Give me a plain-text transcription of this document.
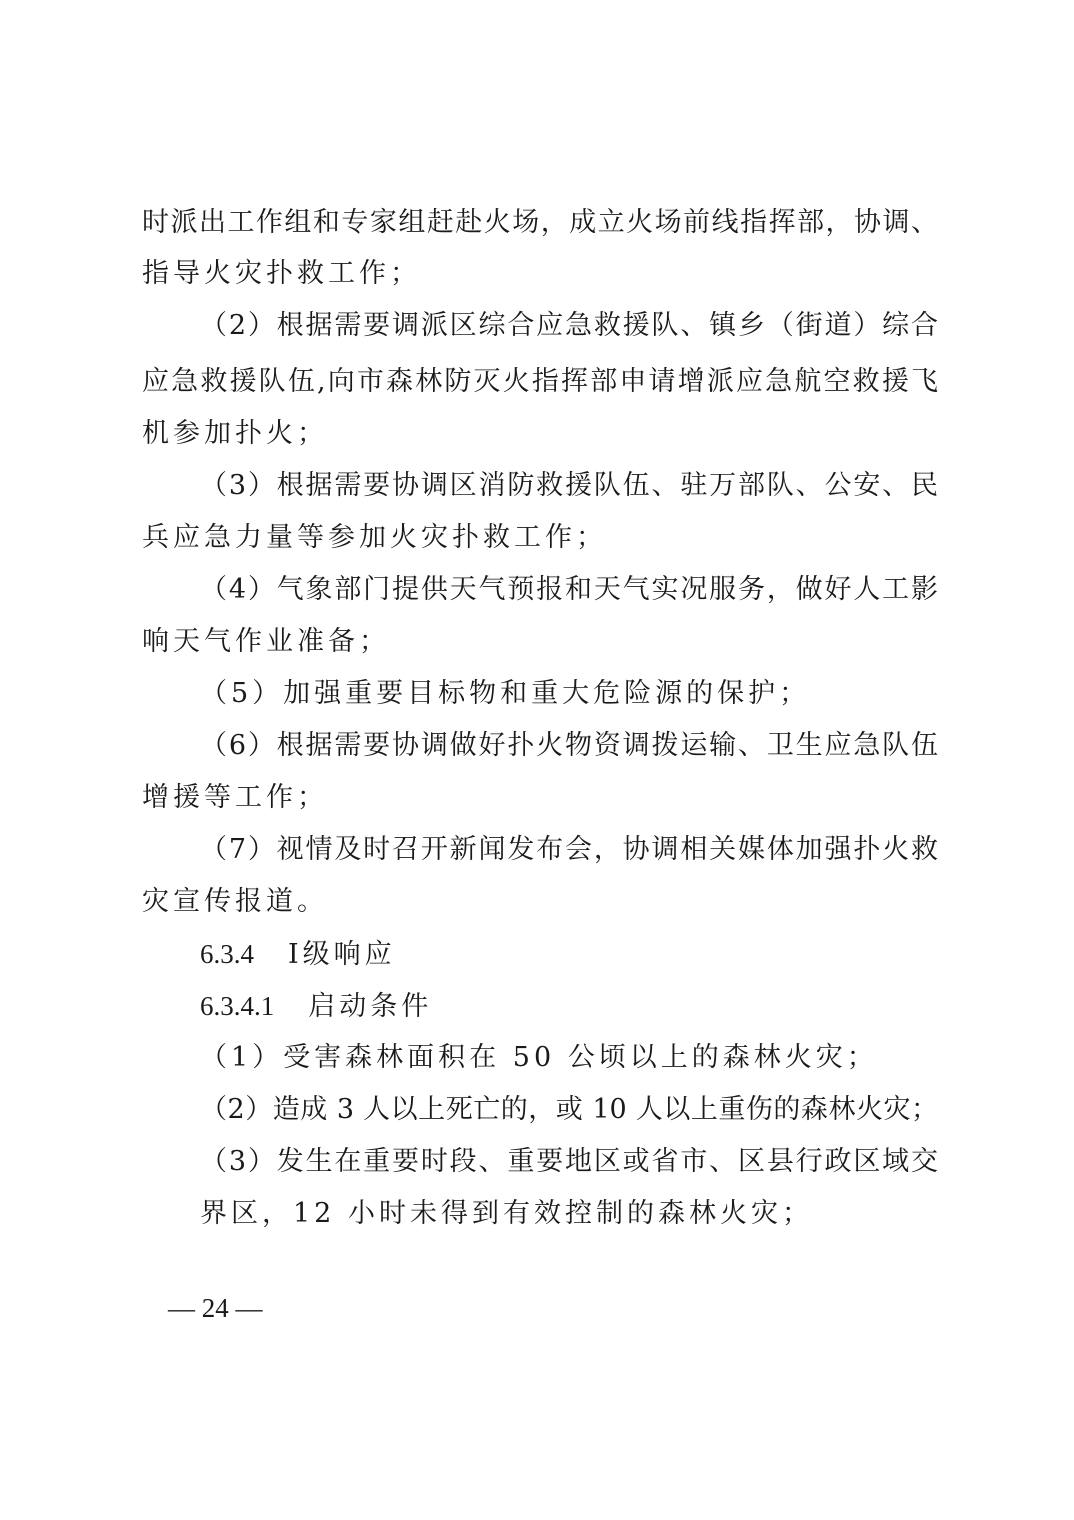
时派出工作组和专家组赶赴火场，成立火场前线指挥部，协调、

指导火灾扑救工作；

（2）根据需要调派区综合应急救援队、镇乡（街道）综合

应急救援队伍,向市森林防灭火指挥部申请增派应急航空救援飞

机参加扑火；

（3）根据需要协调区消防救援队伍、驻万部队、公安、民

兵应急力量等参加火灾扑救工作；

（4）气象部门提供天气预报和天气实况服务，做好人工影

响天气作业准备；

（5）加强重要目标物和重大危险源的保护；

（6）根据需要协调做好扑火物资调拨运输、卫生应急队伍

增援等工作；

（7）视情及时召开新闻发布会，协调相关媒体加强扑火救

灾宣传报道。

6.3.4 Ⅰ级响应
6.3.4.1 启动条件

（1）受害森林面积在 50 公顷以上的森林火灾；

（2）造成 3 人以上死亡的，或 10 人以上重伤的森林火灾；

（3）发生在重要时段、重要地区或省市、区县行政区域交

界区，12 小时未得到有效控制的森林火灾；

— 24 —
